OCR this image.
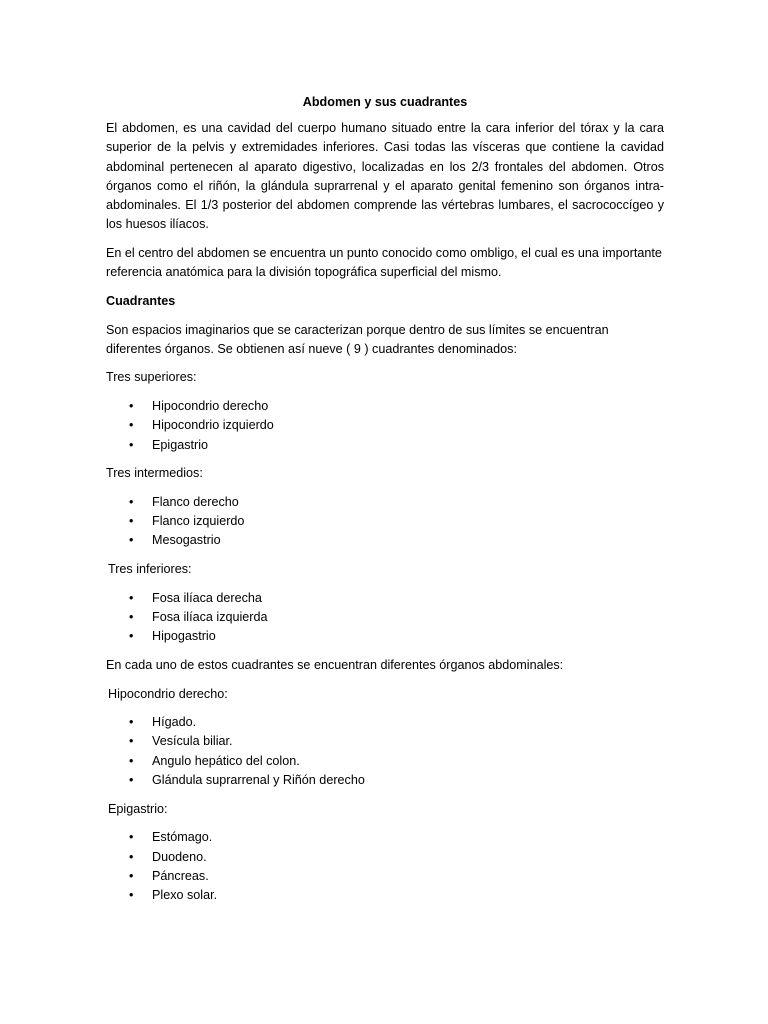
Abdomen y sus cuadrantes

El abdomen, es una cavidad del cuerpo humano situado entre la cara inferior del tórax y la cara superior de la pelvis y extremidades inferiores. Casi todas las vísceras que contiene la cavidad abdominal pertenecen al aparato digestivo, localizadas en los 2/3 frontales del abdomen. Otros órganos como el riñón, la glándula suprarrenal y el aparato genital femenino son órganos intra-abdominales. El 1/3 posterior del abdomen comprende las vértebras lumbares, el sacrococcígeo y los huesos ilíacos.

En el centro del abdomen se encuentra un punto conocido como ombligo, el cual es una importante referencia anatómica para la división topográfica superficial del mismo.

Cuadrantes

Son espacios imaginarios que se caracterizan porque dentro de sus límites se encuentran diferentes órganos. Se obtienen así nueve ( 9 ) cuadrantes denominados:

Tres superiores:
• Hipocondrio derecho
• Hipocondrio izquierdo
• Epigastrio
Tres intermedios:
• Flanco derecho
• Flanco izquierdo
• Mesogastrio
Tres inferiores:
• Fosa ilíaca derecha
• Fosa ilíaca izquierda
• Hipogastrio

En cada uno de estos cuadrantes se encuentran diferentes órganos abdominales:

Hipocondrio derecho:
• Hígado.
• Vesícula biliar.
• Angulo hepático del colon.
• Glándula suprarrenal y Riñón derecho
Epigastrio:
• Estómago.
• Duodeno.
• Páncreas.
• Plexo solar.
